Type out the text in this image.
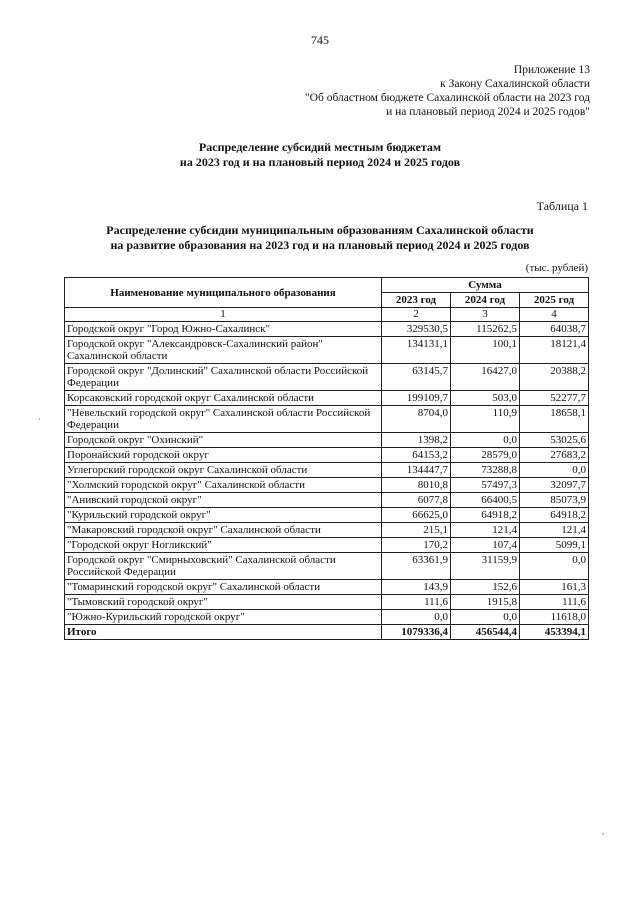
745
Приложение 13
к Закону Сахалинской области
"Об областном бюджете Сахалинской области на 2023 год
и на плановый период 2024 и 2025 годов"
Распределение субсидий местным бюджетам
на 2023 год и на плановый период 2024 и 2025 годов
Таблица 1
Распределение субсидии муниципальным образованиям Сахалинской области
на развитие образования на 2023 год и на плановый период 2024 и 2025 годов
(тыс. рублей)
Наименование муниципального образования	Сумма		
	2023 год	2024 год	2025 год
1	2	3	4
Городской округ "Город Южно-Сахалинск"	329530,5	115262,5	64038,7
Городской округ "Александровск-Сахалинский район" Сахалинской области	134131,1	100,1	18121,4
Городской округ "Долинский" Сахалинской области Российской Федерации	63145,7	16427,0	20388,2
Корсаковский городской округ Сахалинской области	199109,7	503,0	52277,7
"Невельский городской округ" Сахалинской области Российской Федерации	8704,0	110,9	18658,1
Городской округ "Охинский"	1398,2	0,0	53025,6
Поронайский городской округ	64153,2	28579,0	27683,2
Углегорский городской округ Сахалинской области	134447,7	73288,8	0,0
"Холмский городской округ" Сахалинской области	8010,8	57497,3	32097,7
"Анивский городской округ"	6077,8	66400,5	85073,9
"Курильский городской округ"	66625,0	64918,2	64918,2
"Макаровский городской округ" Сахалинской области	215,1	121,4	121,4
"Городской округ Ногликский"	170,2	107,4	5099,1
Городской округ "Смирныховский" Сахалинской области Российской Федерации	63361,9	31159,9	0,0
"Томаринский городской округ" Сахалинской области	143,9	152,6	161,3
"Тымовский городской округ"	111,6	1915,8	111,6
"Южно-Курильский городской округ"	0,0	0,0	11618,0
Итого	1079336,4	456544,4	453394,1
·
,
